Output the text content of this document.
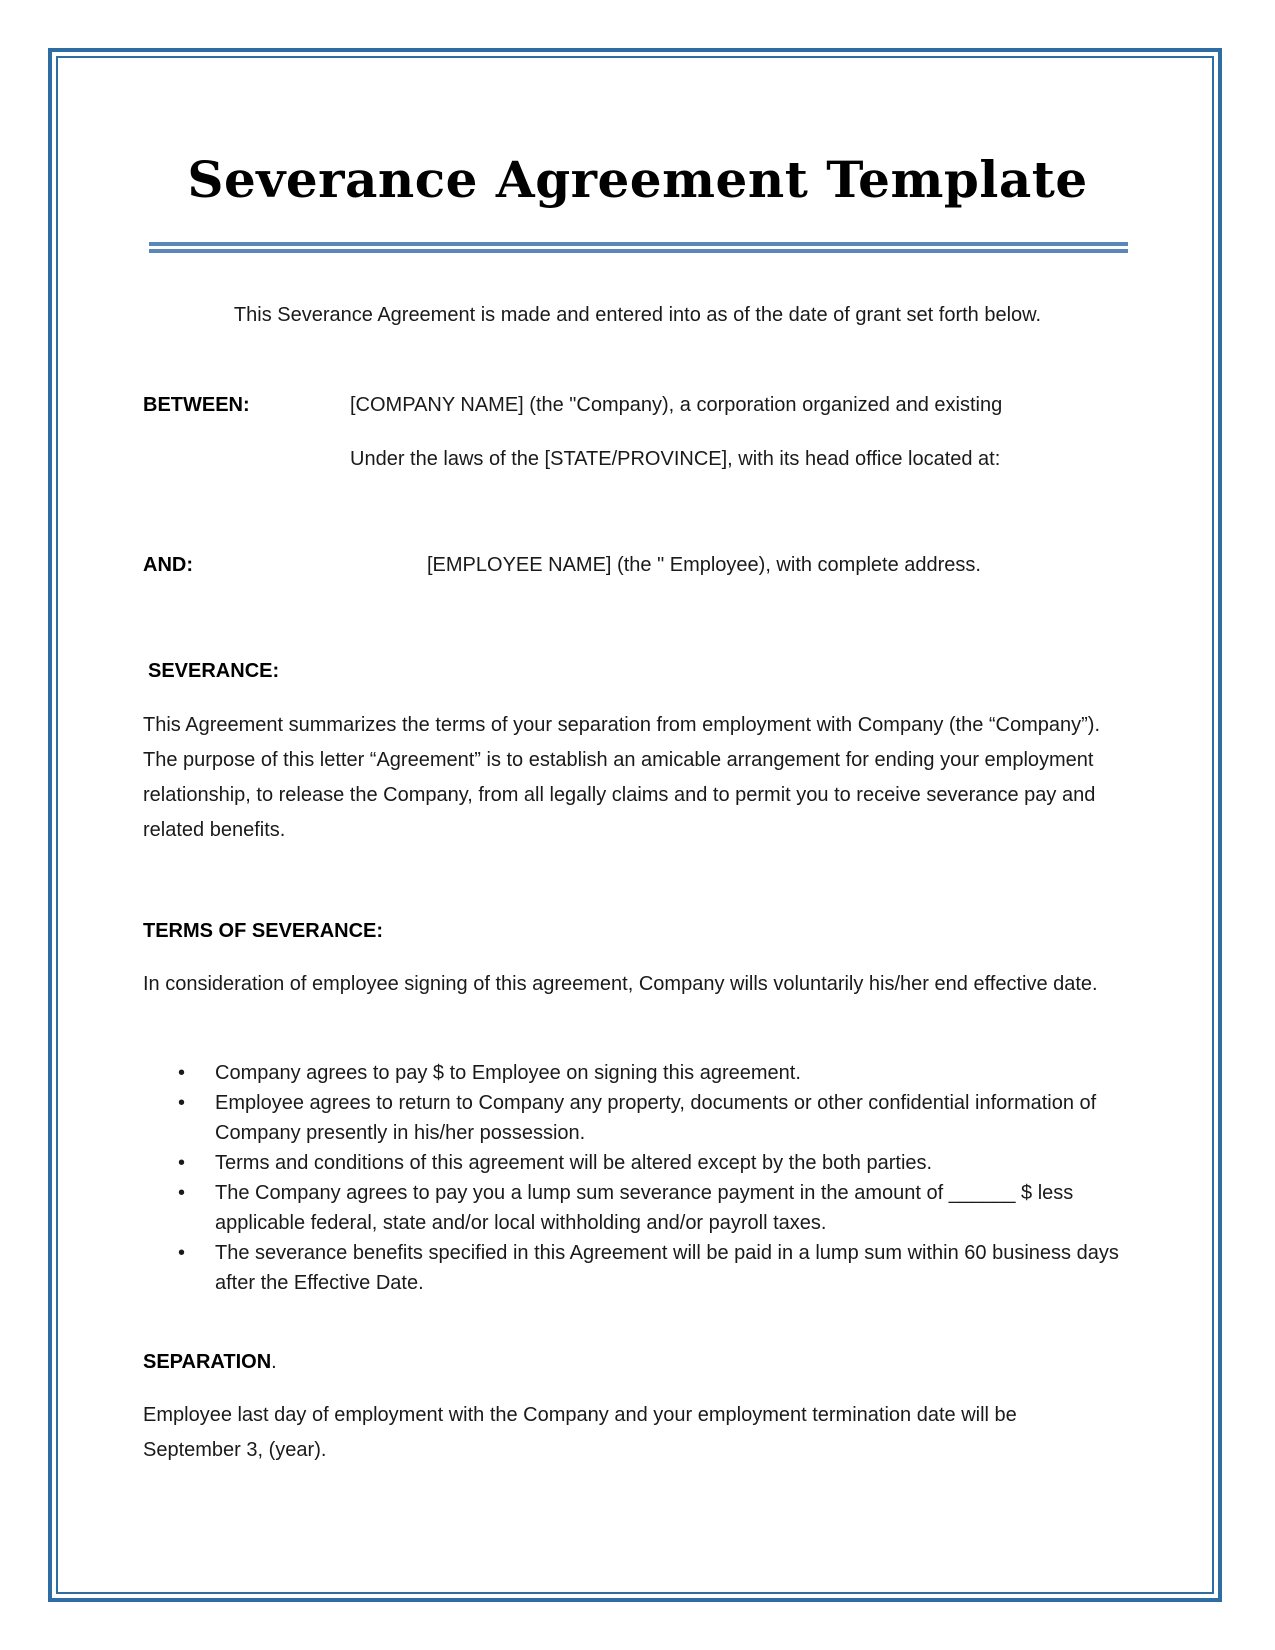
Severance Agreement Template

This Severance Agreement is made and entered into as of the date of grant set forth below.

BETWEEN:	[COMPANY NAME] (the "Company), a corporation organized and existing

Under the laws of the [STATE/PROVINCE], with its head office located at:

AND:	[EMPLOYEE NAME] (the " Employee), with complete address.

SEVERANCE:

This Agreement summarizes the terms of your separation from employment with Company (the “Company”). The purpose of this letter “Agreement” is to establish an amicable arrangement for ending your employment relationship, to release the Company, from all legally claims and to permit you to receive severance pay and related benefits.

TERMS OF SEVERANCE:

In consideration of employee signing of this agreement, Company wills voluntarily his/her end effective date.

• Company agrees to pay $ to Employee on signing this agreement.
• Employee agrees to return to Company any property, documents or other confidential information of Company presently in his/her possession.
• Terms and conditions of this agreement will be altered except by the both parties.
• The Company agrees to pay you a lump sum severance payment in the amount of ______ $ less applicable federal, state and/or local withholding and/or payroll taxes.
• The severance benefits specified in this Agreement will be paid in a lump sum within 60 business days after the Effective Date.

SEPARATION.

Employee last day of employment with the Company and your employment termination date will be September 3, (year).
